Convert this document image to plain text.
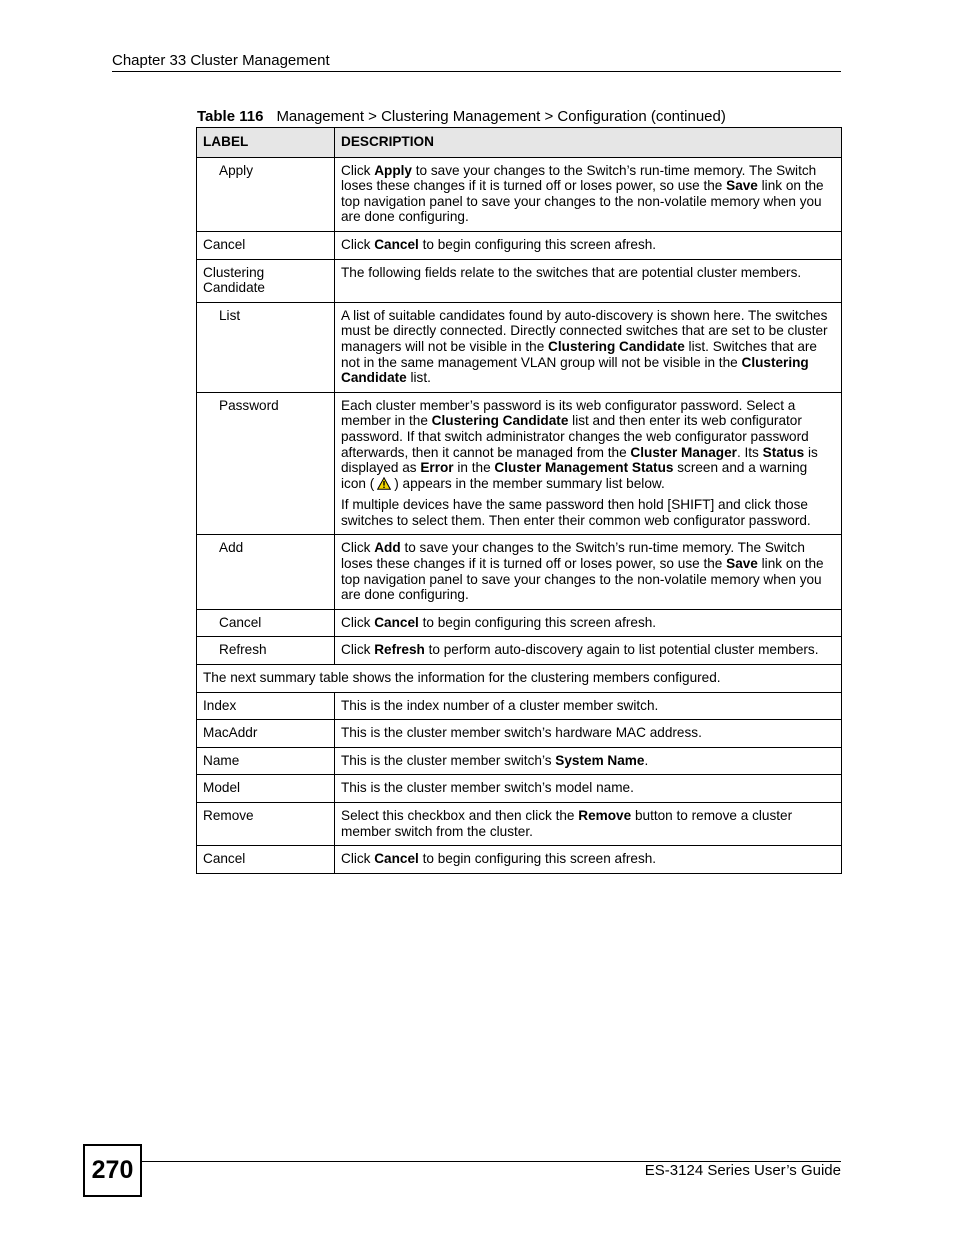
Chapter 33 Cluster Management
Table 116 Management > Clustering Management > Configuration (continued)
LABEL	DESCRIPTION
Apply	Click Apply to save your changes to the Switch’s run-time memory. The Switch loses these changes if it is turned off or loses power, so use the Save link on the top navigation panel to save your changes to the non-volatile memory when you are done configuring.

Cancel	Click Cancel to begin configuring this screen afresh.

Clustering Candidate	The following fields relate to the switches that are potential cluster members.

List	A list of suitable candidates found by auto-discovery is shown here. The switches must be directly connected. Directly connected switches that are set to be cluster managers will not be visible in the Clustering Candidate list. Switches that are not in the same management VLAN group will not be visible in the Clustering Candidate list.

Password	Each cluster member’s password is its web configurator password. Select a member in the Clustering Candidate list and then enter its web configurator password. If that switch administrator changes the web configurator password afterwards, then it cannot be managed from the Cluster Manager. Its Status is displayed as Error in the Cluster Management Status screen and a warning icon ( ) appears in the member summary list below.

If multiple devices have the same password then hold [SHIFT] and click those switches to select them. Then enter their common web configurator password.

Add	Click Add to save your changes to the Switch’s run-time memory. The Switch loses these changes if it is turned off or loses power, so use the Save link on the top navigation panel to save your changes to the non-volatile memory when you are done configuring.

Cancel	Click Cancel to begin configuring this screen afresh.

Refresh	Click Refresh to perform auto-discovery again to list potential cluster members.

The next summary table shows the information for the clustering members configured.	
Index	This is the index number of a cluster member switch.

MacAddr	This is the cluster member switch’s hardware MAC address.

Name	This is the cluster member switch’s System Name.

Model	This is the cluster member switch’s model name.

Remove	Select this checkbox and then click the Remove button to remove a cluster member switch from the cluster.

Cancel	Click Cancel to begin configuring this screen afresh.

270	ES-3124 Series User’s Guide
